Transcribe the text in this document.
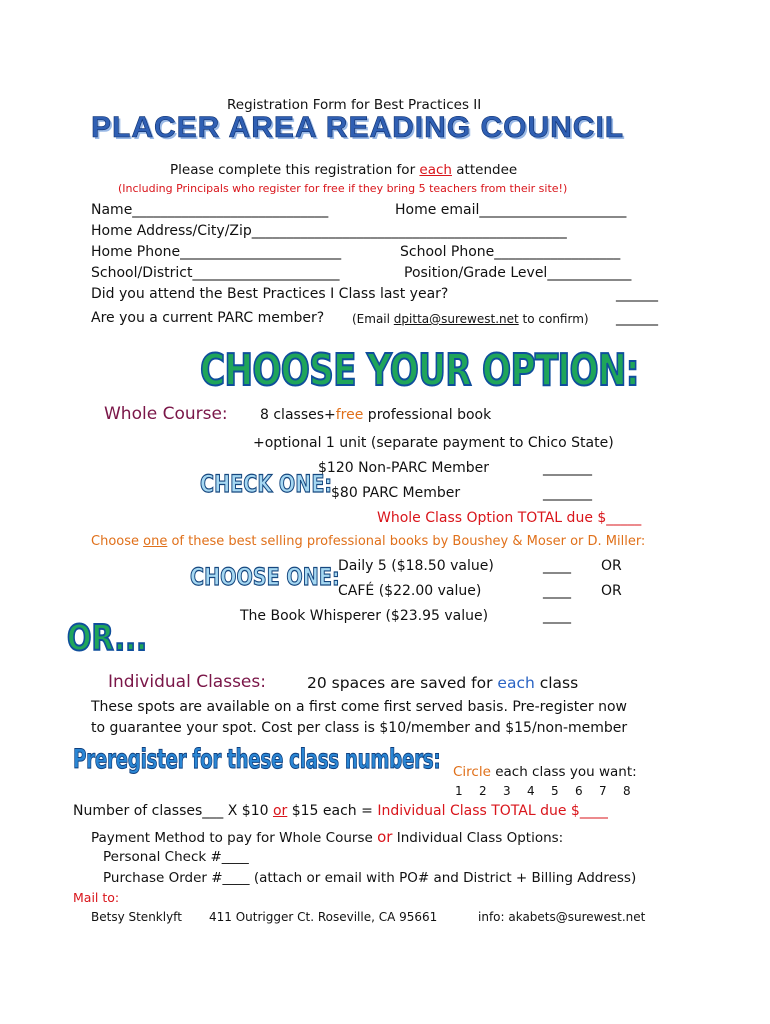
Registration Form for Best Practices II
PLACER AREA READING COUNCIL
Please complete this registration for each attendee
(Including Principals who register for free if they bring 5 teachers from their site!)
Name____________________________	Home email_____________________
Home Address/City/Zip_____________________________________________
Home Phone_______________________	School Phone__________________
School/District_____________________	Position/Grade Level____________
Did you attend the Best Practices I Class last year?	______
Are you a current PARC member? (Email dpitta@surewest.net to confirm) ______
CHOOSE YOUR OPTION:
Whole Course: 8 classes+free professional book
+optional 1 unit (separate payment to Chico State)
CHECK ONE:
$120 Non-PARC Member	_______
$80 PARC Member	_______
Whole Class Option TOTAL due $_____
Choose one of these best selling professional books by Boushey & Moser or D. Miller:
CHOOSE ONE:
Daily 5 ($18.50 value)	____ OR
CAFÉ ($22.00 value)	____ OR
The Book Whisperer ($23.95 value)	____
OR...
Individual Classes:	20 spaces are saved for each class
These spots are available on a first come first served basis. Pre-register now
to guarantee your spot. Cost per class is $10/member and $15/non-member
Preregister for these class numbers: Circle each class you want:
1 2 3 4 5 6 7 8
Number of classes___ X $10 or $15 each = Individual Class TOTAL due $____
Payment Method to pay for Whole Course or Individual Class Options:
Personal Check #____
Purchase Order #____ (attach or email with PO# and District + Billing Address)
Mail to:
Betsy Stenklyft 411 Outrigger Ct. Roseville, CA 95661	info: akabets@surewest.net
